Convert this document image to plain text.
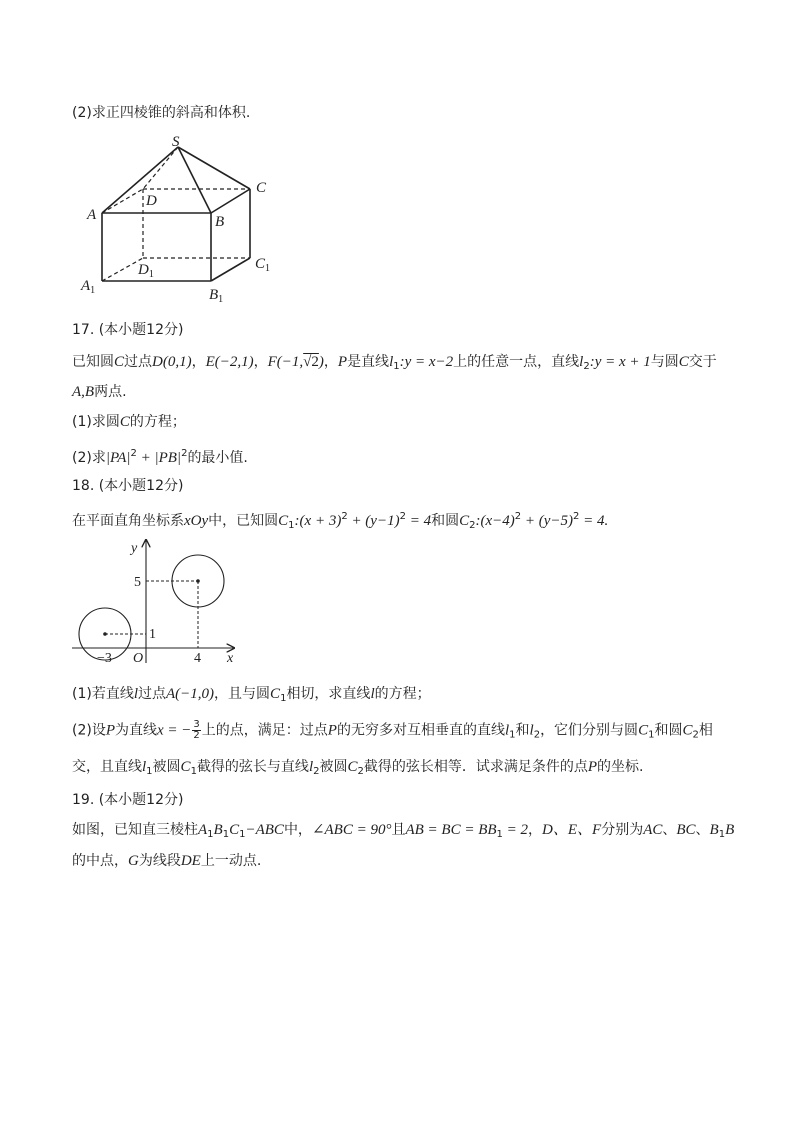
(2)求正四棱锥的斜高和体积.
S
C
D
A	B
$C_1$
$D_1$
$A_1$	$B_1$
17. (本小题12分)
已知圆C过点D(0,1)，E(−2,1)，F(−1,√2)，P是直线$l_1:y = x-2$上的任意一点，直线$l_2:y = x + 1$与圆C交于
A,B两点.
(1)求圆C的方程；
(2)求$|PA|^2 + |PB|^2$的最小值.
18. (本小题12分)
在平面直角坐标系xOy中，已知圆$C_1:(x + 3)^2 + (y-1)^2 = 4$和圆$C_2:(x-4)^2 + (y-5)^2 = 4$.
y
x
O
5
1
−3	4
(1)若直线l过点A(−1,0)，且与圆$C_1$相切，求直线l的方程；
(2)设P为直线x = − $\frac{3}{2}$ 上的点，满足：过点P的无穷多对互相垂直的直线$l_1$和$l_2$，它们分别与圆$C_1$和圆$C_2$相
交，且直线$l_1$被圆$C_1$截得的弦长与直线$l_2$被圆$C_2$截得的弦长相等．试求满足条件的点P的坐标.
19. (本小题12分)
如图，已知直三棱柱$A_1B_1C_1-ABC$中，∠ABC = 90°且AB = BC = $BB_1 = 2$，D、E、F分别为AC、BC、$B_1B$
的中点，G为线段DE上一动点.
